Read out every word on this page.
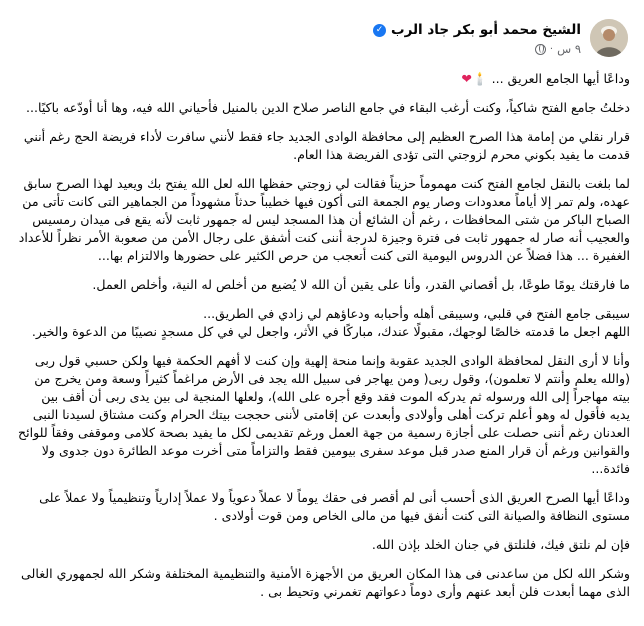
الشيخ محمد أبو بكر جاد الرب
✓
٩ س
·

وداعًا أيها الجامع العريق ... 🕯️❤

دخلتُ جامع الفتح شاكياً، وكنت أرغب البقاء في جامع الناصر صلاح الدين بالمنيل فأحياني الله فيه، وها أنا أودّعه باكيًا...

قرار نقلي من إمامة هذا الصرح العظيم إلى محافظة الوادى الجديد جاء فقط لأنني سافرت لأداء فريضة الحج رغم أنني قدمت ما يفيد بكوني محرم لزوجتي التى تؤدى الفريضة هذا العام.

لما بلغت بالنقل لجامع الفتح كنت مهموماً حزيناً فقالت لي زوجتي حفظها الله لعل الله يفتح بك ويعيد لهذا الصرح سابق عهده، ولم تمر إلا أياماً معدودات وصار يوم الجمعة التى أكون فيها خطيباً حدثاً مشهوداً من الجماهير التى كانت تأتى من الصباح الباكر من شتى المحافظات ، رغم أن الشائع أن هذا المسجد ليس له جمهور ثابت لأنه يقع فى ميدان رمسيس والعجيب أنه صار له جمهور ثابت فى فترة وجيزة لدرجة أننى كنت أشفق على رجال الأمن من صعوبة الأمر نظراً للأعداد الغفيرة ... هذا فضلاً عن الدروس اليومية التى كنت أتعجب من حرص الكثير على حضورها والالتزام بها...

ما فارقتك يومًا طوعًا، بل أقصاني القدر، وأنا على يقين أن الله لا يُضيع من أخلص له النية، وأخلص العمل.

سيبقى جامع الفتح في قلبي، وسيبقى أهله وأحبابه ودعاؤهم لي زادي في الطريق...
اللهم اجعل ما قدمته خالصًا لوجهك، مقبولًا عندك، مباركًا في الأثر، واجعل لي في كل مسجدٍ نصيبًا من الدعوة والخير.

وأنا لا أرى النقل لمحافظة الوادى الجديد عقوبة وإنما منحة إلهية وإن كنت لا أفهم الحكمة فيها ولكن حسبي قول ربى (والله يعلم وأنتم لا تعلمون)، وقول ربى( ومن يهاجر فى سبيل الله يجد فى الأرض مراغماً كثيراً وسعة ومن يخرج من بيته مهاجراً إلى الله ورسوله ثم يدركه الموت فقد وقع أجره على الله)، ولعلها المنجية لى بين يدى ربى أن أقف بين يديه فأقول له وهو أعلم تركت أهلى وأولادى وأبعدت عن إقامتى لأننى حججت بيتك الحرام وكنت مشتاق لسيدنا النبى العدنان رغم أننى حصلت على أجازة رسمية من جهة العمل ورغم تقديمى لكل ما يفيد بصحة كلامى وموقفى وفقاً للوائح والقوانين ورغم أن قرار المنع صدر قبل موعد سفرى بيومين فقط والتزاماً متى أخرت موعد الطائرة دون جدوى ولا فائدة...

وداعًا أيها الصرح العريق الذى أحسب أنى لم أقصر فى حقك يوماً لا عملاً دعوياً ولا عملاً إدارياً وتنظيمياً ولا عملاً على مستوى النظافة والصيانة التى كنت أنفق فيها من مالى الخاص ومن قوت أولادى .

فإن لم نلتق فيك، فلنلتق في جنان الخلد بإذن الله.

وشكر الله لكل من ساعدنى فى هذا المكان العريق من الأجهزة الأمنية والتنظيمية المختلفة وشكر الله لجمهوري الغالى الذى مهما أبعدت فلن أبعد عنهم وأرى دوماً دعواتهم تغمرني وتحيط بى .
